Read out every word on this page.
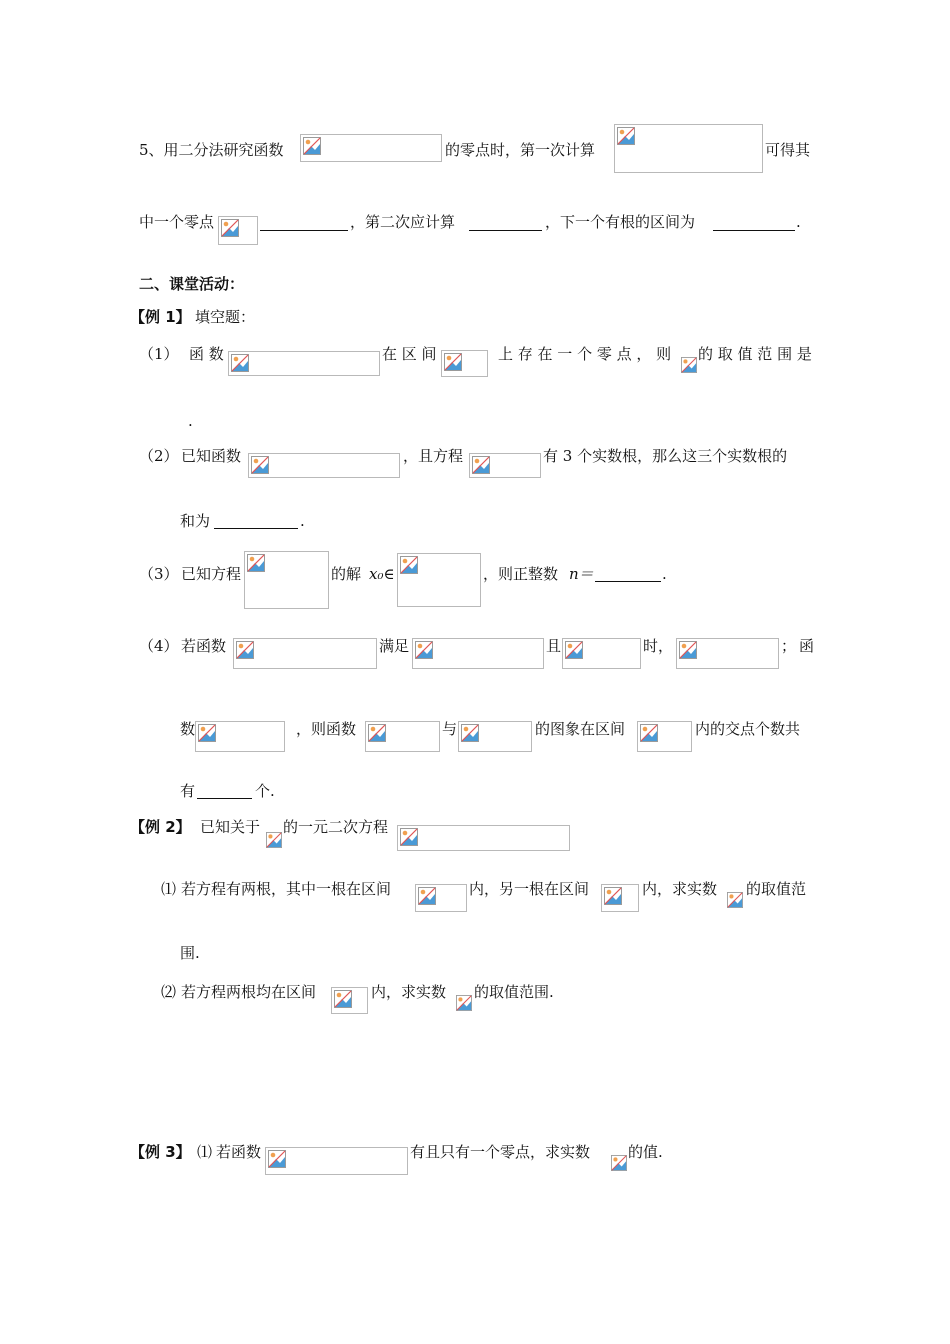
5、用二分法研究函数	的零点时，第一次计算	可得其
中一个零点	，第二次应计算	，下一个有根的区间为	.
二、课堂活动：
【例 1】 填空题：
（1） 函 数	在 区 间	上 存 在 一 个 零 点 ， 则 的 取 值 范 围 是
.
（2） 已知函数	，且方程	有 3 个实数根，那么这三个实数根的
和为	.
（3） 已知方程	的解 x₀∈	，则正整数 n＝	.
（4） 若函数	满足	且	时，	； 函
数	，则函数	与	的图象在区间	内的交点个数共
有	个.
【例 2】 已知关于 的一元二次方程
⑴ 若方程有两根，其中一根在区间	内，另一根在区间	内，求实数 的取值范
围.
⑵ 若方程两根均在区间	内，求实数 的取值范围.
【例 3】 ⑴ 若函数	有且只有一个零点，求实数	的值.
